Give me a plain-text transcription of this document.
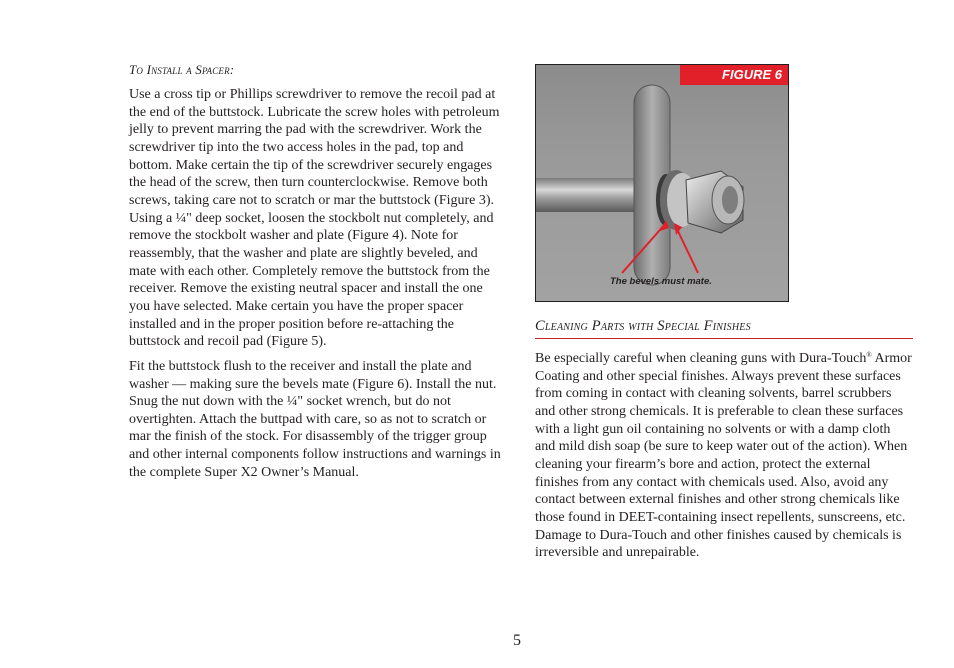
To Install a Spacer:

Use a cross tip or Phillips screwdriver to remove the recoil pad at the end of the buttstock. Lubricate the screw holes with petroleum jelly to prevent marring the pad with the screwdriver. Work the screwdriver tip into the two access holes in the pad, top and bottom. Make certain the tip of the screwdriver securely engages the head of the screw, then turn counterclockwise. Remove both screws, taking care not to scratch or mar the buttstock (Figure 3). Using a ¼" deep socket, loosen the stockbolt nut completely, and remove the stockbolt washer and plate (Figure 4). Note for reassembly, that the washer and plate are slightly beveled, and mate with each other. Completely remove the buttstock from the receiver. Remove the existing neutral spacer and install the one you have selected. Make certain you have the proper spacer installed and in the proper position before re-attaching the buttstock and recoil pad (Figure 5).

Fit the buttstock flush to the receiver and install the plate and washer — making sure the bevels mate (Figure 6). Install the nut. Snug the nut down with the ¼" socket wrench, but do not overtighten. Attach the buttpad with care, so as not to scratch or mar the finish of the stock. For disassembly of the trigger group and other internal components follow instructions and warnings in the complete Super X2 Owner’s Manual.

FIGURE 6
The bevels must mate.

Cleaning Parts with Special Finishes

Be especially careful when cleaning guns with Dura-Touch® Armor Coating and other special finishes. Always prevent these surfaces from coming in contact with cleaning solvents, barrel scrubbers and other strong chemicals. It is preferable to clean these surfaces with a light gun oil containing no solvents or with a damp cloth and mild dish soap (be sure to keep water out of the action). When cleaning your firearm’s bore and action, protect the external finishes from any contact with chemicals used. Also, avoid any contact between external finishes and other strong chemicals like those found in DEET-containing insect repellents, sunscreens, etc. Damage to Dura-Touch and other finishes caused by chemicals is irreversible and unrepairable.

5
